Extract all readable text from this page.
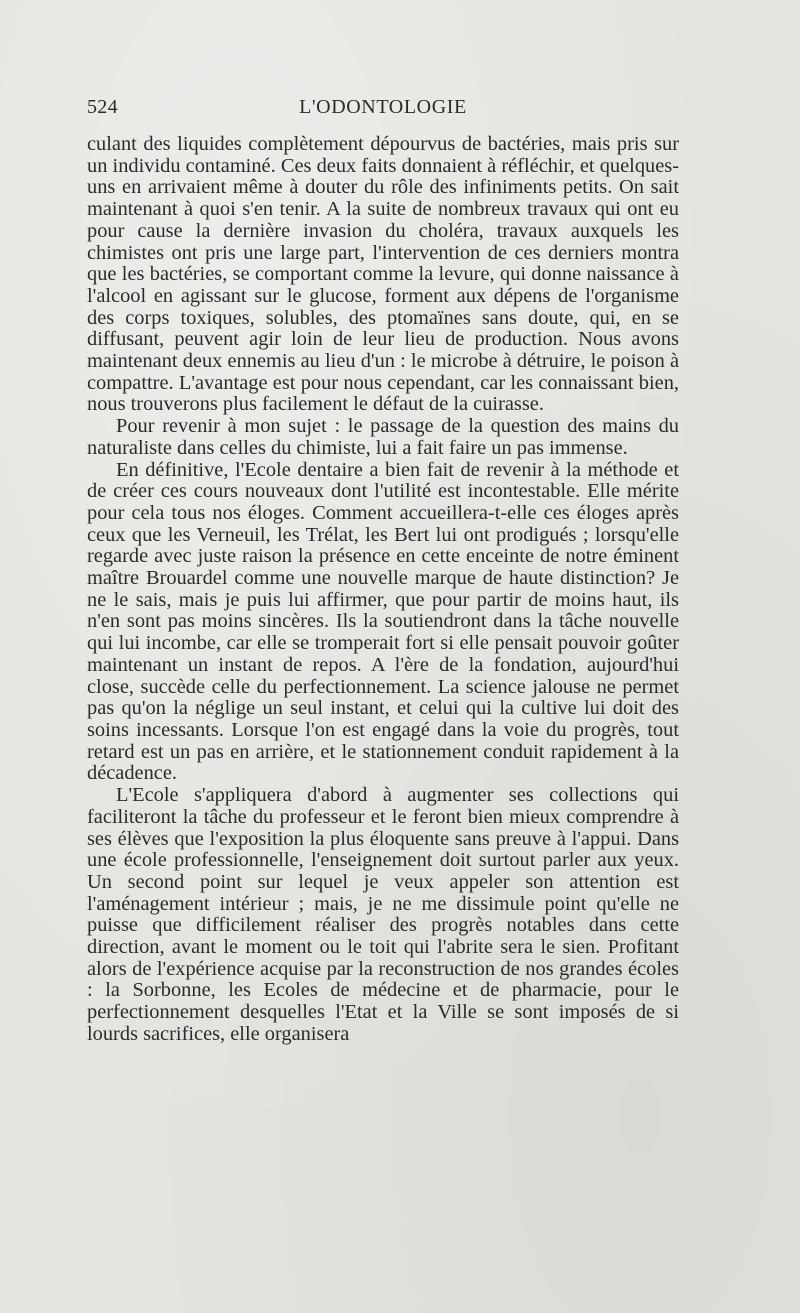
524	L'ODONTOLOGIE

culant des liquides complètement dépourvus de bactéries, mais pris sur un individu contaminé. Ces deux faits donnaient à réfléchir, et quelques-uns en arrivaient même à douter du rôle des infiniments petits. On sait maintenant à quoi s'en tenir. A la suite de nombreux travaux qui ont eu pour cause la dernière invasion du choléra, travaux auxquels les chimistes ont pris une large part, l'intervention de ces derniers montra que les bactéries, se comportant comme la levure, qui donne naissance à l'alcool en agissant sur le glucose, forment aux dépens de l'organisme des corps toxiques, solubles, des ptomaïnes sans doute, qui, en se diffusant, peuvent agir loin de leur lieu de production. Nous avons maintenant deux ennemis au lieu d'un : le microbe à détruire, le poison à compattre. L'avantage est pour nous cependant, car les connaissant bien, nous trouverons plus facilement le défaut de la cuirasse.

Pour revenir à mon sujet : le passage de la question des mains du naturaliste dans celles du chimiste, lui a fait faire un pas immense.

En définitive, l'Ecole dentaire a bien fait de revenir à la méthode et de créer ces cours nouveaux dont l'utilité est incontestable. Elle mérite pour cela tous nos éloges. Comment accueillera-t-elle ces éloges après ceux que les Verneuil, les Trélat, les Bert lui ont prodigués ; lorsqu'elle regarde avec juste raison la présence en cette enceinte de notre éminent maître Brouardel comme une nouvelle marque de haute distinction? Je ne le sais, mais je puis lui affirmer, que pour partir de moins haut, ils n'en sont pas moins sincères. Ils la soutiendront dans la tâche nouvelle qui lui incombe, car elle se tromperait fort si elle pensait pouvoir goûter maintenant un instant de repos. A l'ère de la fondation, aujourd'hui close, succède celle du perfectionnement. La science jalouse ne permet pas qu'on la néglige un seul instant, et celui qui la cultive lui doit des soins incessants. Lorsque l'on est engagé dans la voie du progrès, tout retard est un pas en arrière, et le stationnement conduit rapidement à la décadence.

L'Ecole s'appliquera d'abord à augmenter ses collections qui faciliteront la tâche du professeur et le feront bien mieux comprendre à ses élèves que l'exposition la plus éloquente sans preuve à l'appui. Dans une école professionnelle, l'enseignement doit surtout parler aux yeux. Un second point sur lequel je veux appeler son attention est l'aménagement intérieur ; mais, je ne me dissimule point qu'elle ne puisse que difficilement réaliser des progrès notables dans cette direction, avant le moment ou le toit qui l'abrite sera le sien. Profitant alors de l'expérience acquise par la reconstruction de nos grandes écoles : la Sorbonne, les Ecoles de médecine et de pharmacie, pour le perfectionnement desquelles l'Etat et la Ville se sont imposés de si lourds sacrifices, elle organisera
